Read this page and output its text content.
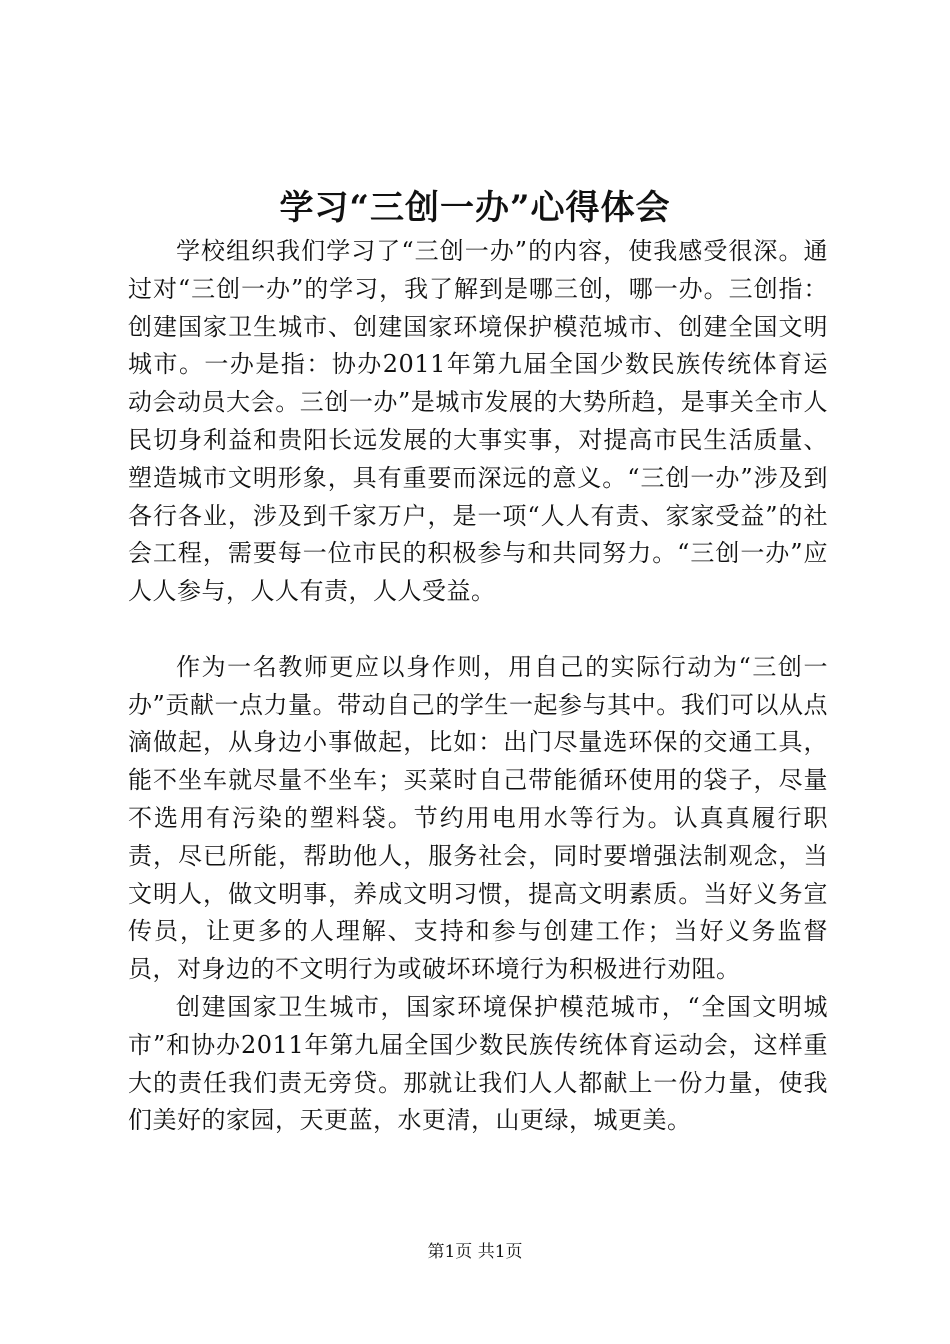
学习“三创一办”心得体会

学校组织我们学习了“三创一办”的内容，使我感受很深。通过对“三创一办”的学习，我了解到是哪三创，哪一办。三创指：创建国家卫生城市、创建国家环境保护模范城市、创建全国文明城市。一办是指：协办2011年第九届全国少数民族传统体育运动会动员大会。三创一办”是城市发展的大势所趋，是事关全市人民切身利益和贵阳长远发展的大事实事，对提高市民生活质量、塑造城市文明形象，具有重要而深远的意义。“三创一办”涉及到各行各业，涉及到千家万户，是一项“人人有责、家家受益”的社会工程，需要每一位市民的积极参与和共同努力。“三创一办”应人人参与，人人有责，人人受益。

作为一名教师更应以身作则，用自己的实际行动为“三创一办”贡献一点力量。带动自己的学生一起参与其中。我们可以从点滴做起，从身边小事做起，比如：出门尽量选环保的交通工具，能不坐车就尽量不坐车；买菜时自己带能循环使用的袋子，尽量不选用有污染的塑料袋。节约用电用水等行为。认真真履行职责，尽已所能，帮助他人，服务社会，同时要增强法制观念，当文明人，做文明事，养成文明习惯，提高文明素质。当好义务宣传员，让更多的人理解、支持和参与创建工作；当好义务监督员，对身边的不文明行为或破坏环境行为积极进行劝阻。

创建国家卫生城市，国家环境保护模范城市，“全国文明城市”和协办2011年第九届全国少数民族传统体育运动会，这样重大的责任我们责无旁贷。那就让我们人人都献上一份力量，使我们美好的家园，天更蓝，水更清，山更绿，城更美。

第1页 共1页
